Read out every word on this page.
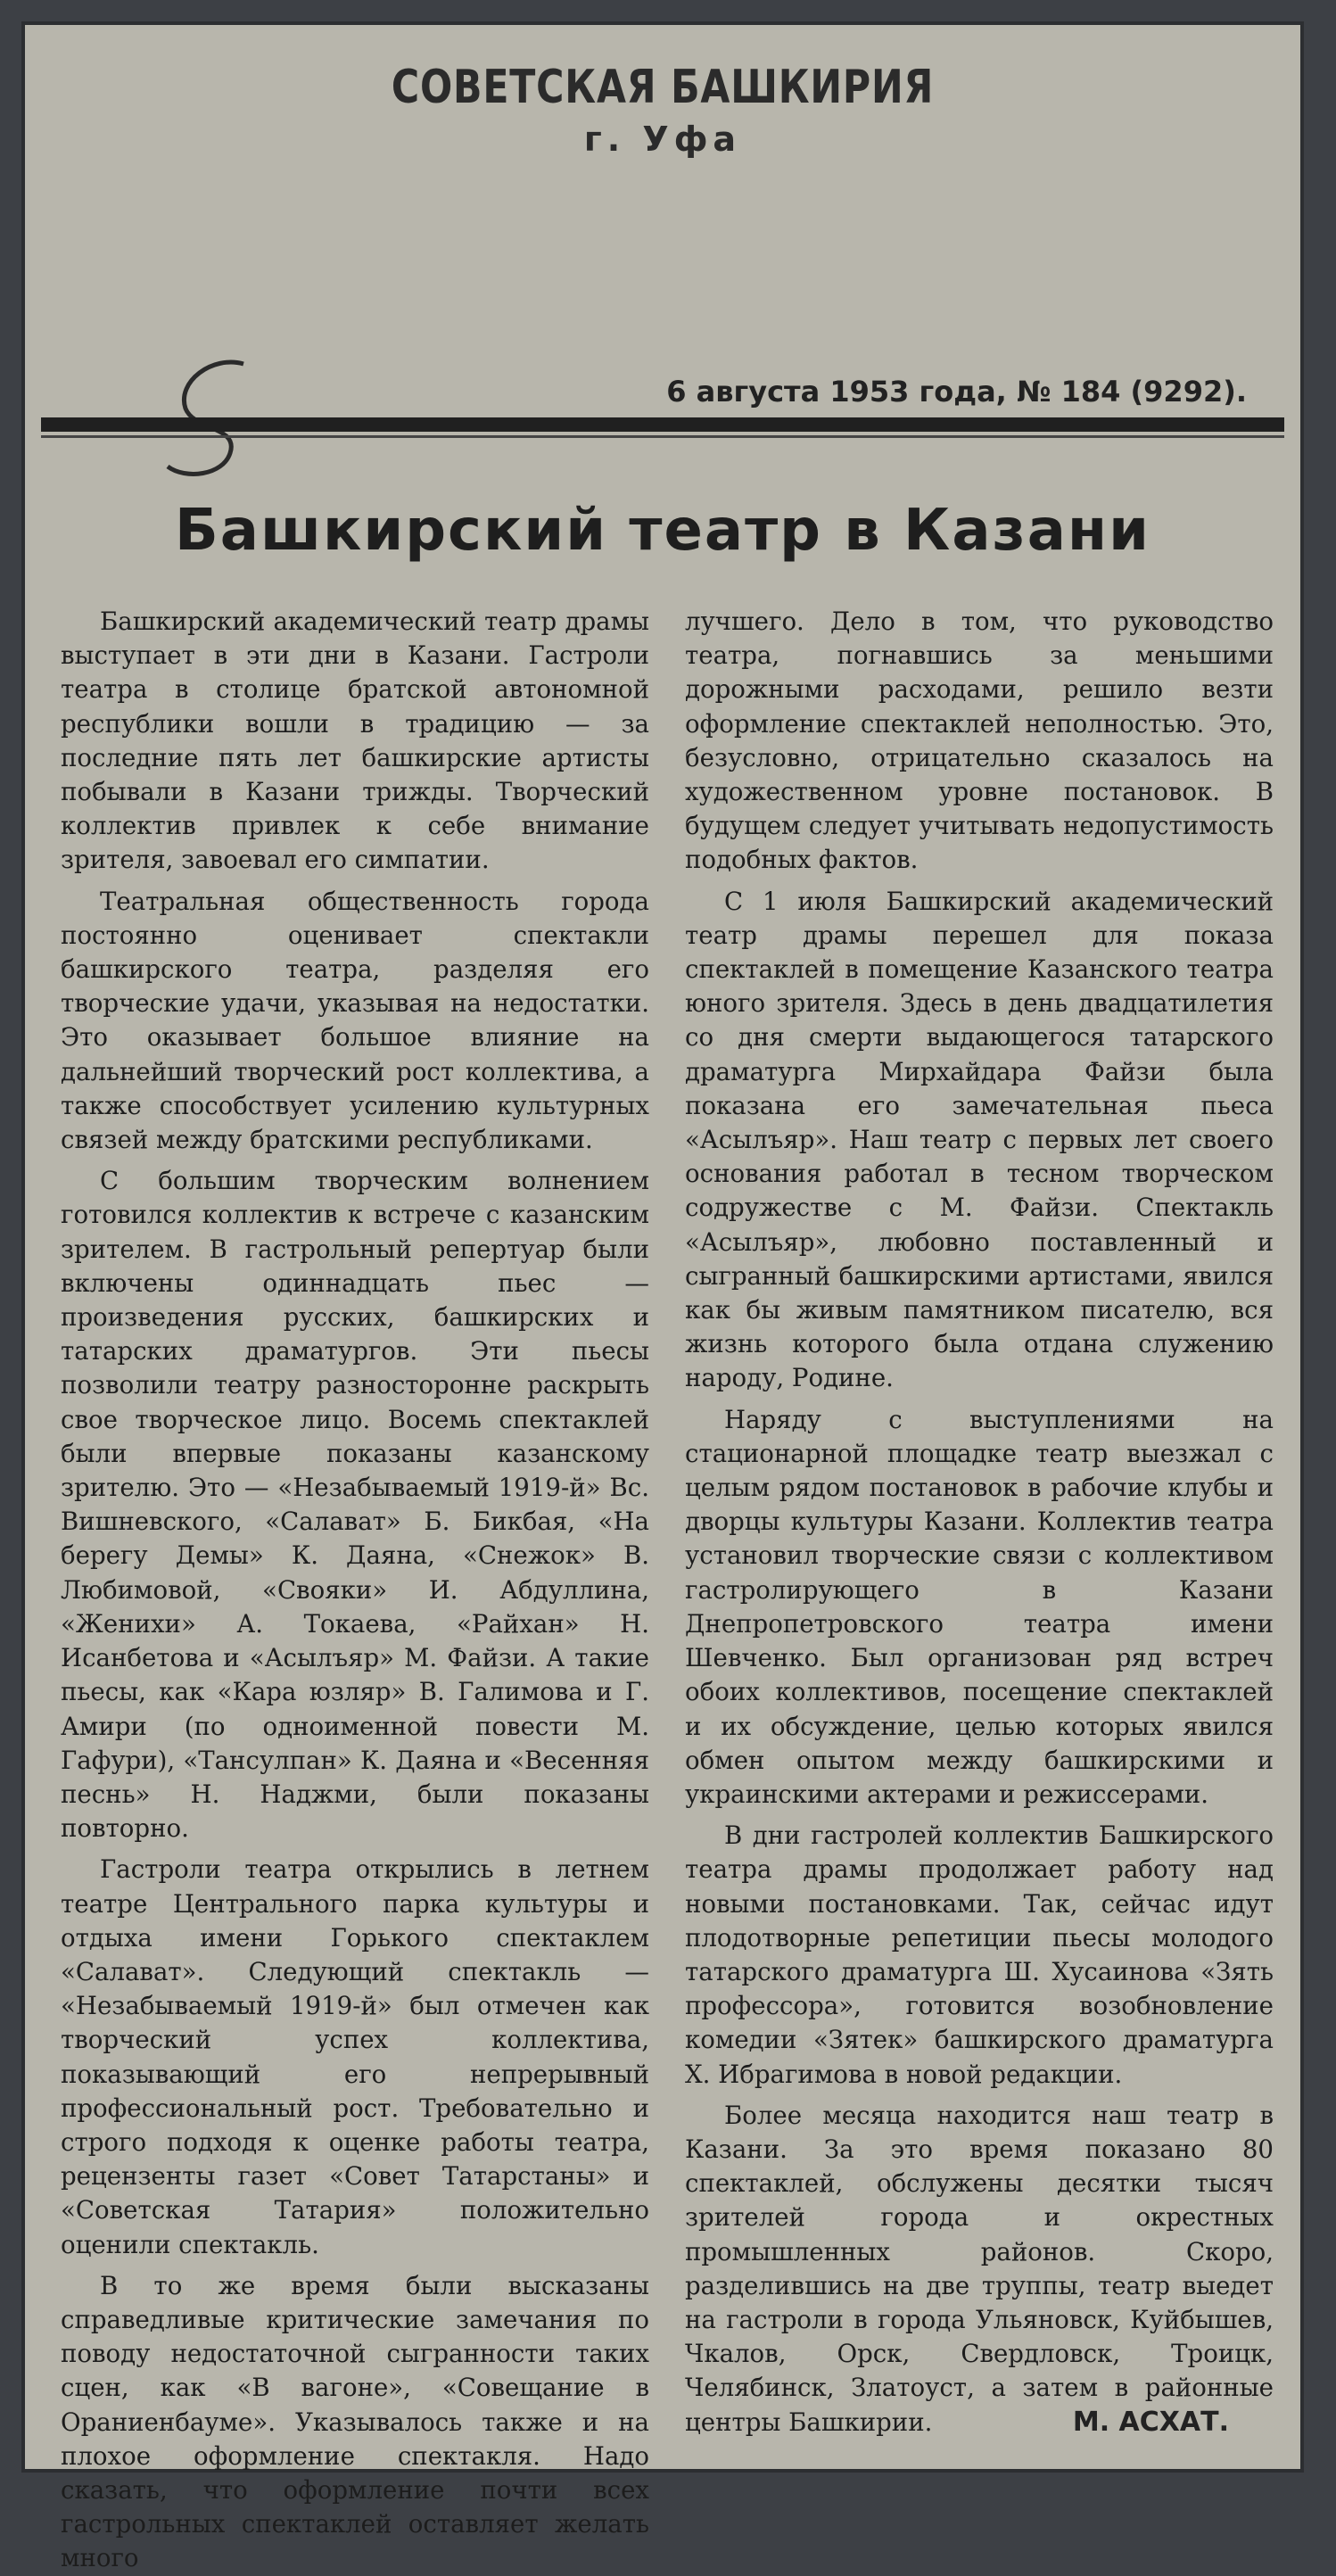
СОВЕТСКАЯ БАШКИРИЯ
г. Уфа
6 августа 1953 года, № 184 (9292).
Башкирский театр в Казани

Башкирский академический театр драмы выступает в эти дни в Казани. Гастроли театра в столице братской автономной республики вошли в традицию — за последние пять лет башкирские артисты побывали в Казани трижды. Творческий коллектив привлек к себе внимание зрителя, завоевал его симпатии.

Театральная общественность города постоянно оценивает спектакли башкирского театра, разделяя его творческие удачи, указывая на недостатки. Это оказывает большое влияние на дальнейший творческий рост коллектива, а также способствует усилению культурных связей между братскими республиками.

С большим творческим волнением готовился коллектив к встрече с казанским зрителем. В гастрольный репертуар были включены одиннадцать пьес — произведения русских, башкирских и татарских драматургов. Эти пьесы позволили театру разносторонне раскрыть свое творческое лицо. Восемь спектаклей были впервые показаны казанскому зрителю. Это — «Незабываемый 1919-й» Вс. Вишневского, «Салават» Б. Бикбая, «На берегу Демы» К. Даяна, «Снежок» В. Любимовой, «Свояки» И. Абдуллина, «Женихи» А. Токаева, «Райхан» Н. Исанбетова и «Асылъяр» М. Файзи. А такие пьесы, как «Кара юзляр» В. Галимова и Г. Амири (по одноименной повести М. Гафури), «Тансулпан» К. Даяна и «Весенняя песнь» Н. Наджми, были показаны повторно.

Гастроли театра открылись в летнем театре Центрального парка культуры и отдыха имени Горького спектаклем «Салават». Следующий спектакль — «Незабываемый 1919-й» был отмечен как творческий успех коллектива, показывающий его непрерывный профессиональный рост. Требовательно и строго подходя к оценке работы театра, рецензенты газет «Совет Татарстаны» и «Советская Татария» положительно оценили спектакль.

В то же время были высказаны справедливые критические замечания по поводу недостаточной сыгранности таких сцен, как «В вагоне», «Совещание в Ораниенбауме». Указывалось также и на плохое оформление спектакля. Надо сказать, что оформление почти всех гастрольных спектаклей оставляет желать много

лучшего. Дело в том, что руководство театра, погнавшись за меньшими дорожными расходами, решило везти оформление спектаклей неполностью. Это, безусловно, отрицательно сказалось на художественном уровне постановок. В будущем следует учитывать недопустимость подобных фактов.

С 1 июля Башкирский академический театр драмы перешел для показа спектаклей в помещение Казанского театра юного зрителя. Здесь в день двадцатилетия со дня смерти выдающегося татарского драматурга Мирхайдара Файзи была показана его замечательная пьеса «Асылъяр». Наш театр с первых лет своего основания работал в тесном творческом содружестве с М. Файзи. Спектакль «Асылъяр», любовно поставленный и сыгранный башкирскими артистами, явился как бы живым памятником писателю, вся жизнь которого была отдана служению народу, Родине.

Наряду с выступлениями на стационарной площадке театр выезжал с целым рядом постановок в рабочие клубы и дворцы культуры Казани. Коллектив театра установил творческие связи с коллективом гастролирующего в Казани Днепропетровского театра имени Шевченко. Был организован ряд встреч обоих коллективов, посещение спектаклей и их обсуждение, целью которых явился обмен опытом между башкирскими и украинскими актерами и режиссерами.

В дни гастролей коллектив Башкирского театра драмы продолжает работу над новыми постановками. Так, сейчас идут плодотворные репетиции пьесы молодого татарского драматурга Ш. Хусаинова «Зять профессора», готовится возобновление комедии «Зятек» башкирского драматурга Х. Ибрагимова в новой редакции.

Более месяца находится наш театр в Казани. За это время показано 80 спектаклей, обслужены десятки тысяч зрителей города и окрестных промышленных районов. Скоро, разделившись на две труппы, театр выедет на гастроли в города Ульяновск, Куйбышев, Чкалов, Орск, Свердловск, Троицк, Челябинск, Златоуст, а затем в районные центры Башкирии.	М. АСХАТ.
